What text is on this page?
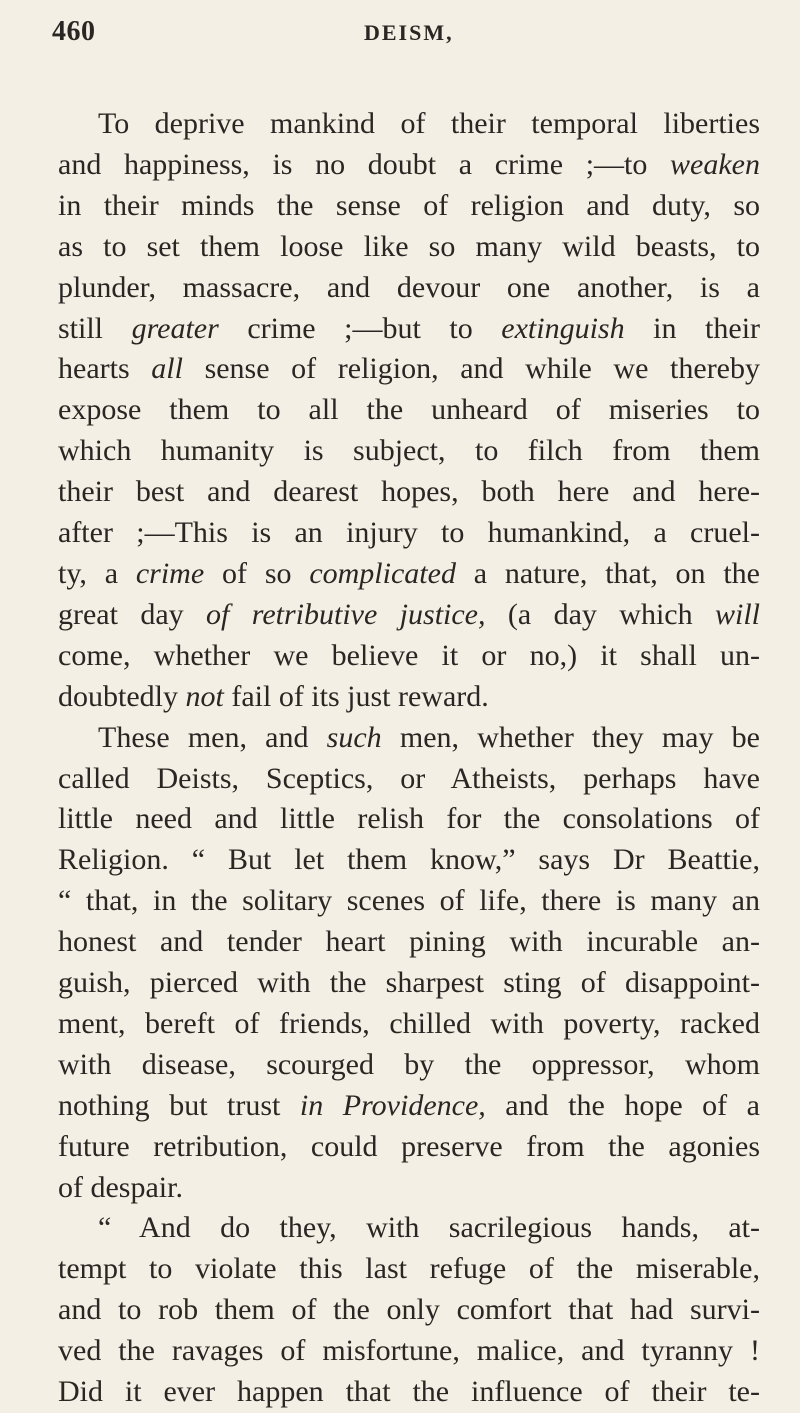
460	DEISM,
To deprive mankind of their temporal liberties
and happiness, is no doubt a crime ;—to weaken
in their minds the sense of religion and duty, so
as to set them loose like so many wild beasts, to
plunder, massacre, and devour one another, is a
still greater crime ;—but to extinguish in their
hearts all sense of religion, and while we thereby
expose them to all the unheard of miseries to
which humanity is subject, to filch from them
their best and dearest hopes, both here and here-
after ;—This is an injury to humankind, a cruel-
ty, a crime of so complicated a nature, that, on the
great day of retributive justice, (a day which will
come, whether we believe it or no,) it shall un-
doubtedly not fail of its just reward.
These men, and such men, whether they may be
called Deists, Sceptics, or Atheists, perhaps have
little need and little relish for the consolations of
Religion. “ But let them know,” says Dr Beattie,
“ that, in the solitary scenes of life, there is many an
honest and tender heart pining with incurable an-
guish, pierced with the sharpest sting of disappoint-
ment, bereft of friends, chilled with poverty, racked
with disease, scourged by the oppressor, whom
nothing but trust in Providence, and the hope of a
future retribution, could preserve from the agonies
of despair.
“ And do they, with sacrilegious hands, at-
tempt to violate this last refuge of the miserable,
and to rob them of the only comfort that had survi-
ved the ravages of misfortune, malice, and tyranny !
Did it ever happen that the influence of their te-
